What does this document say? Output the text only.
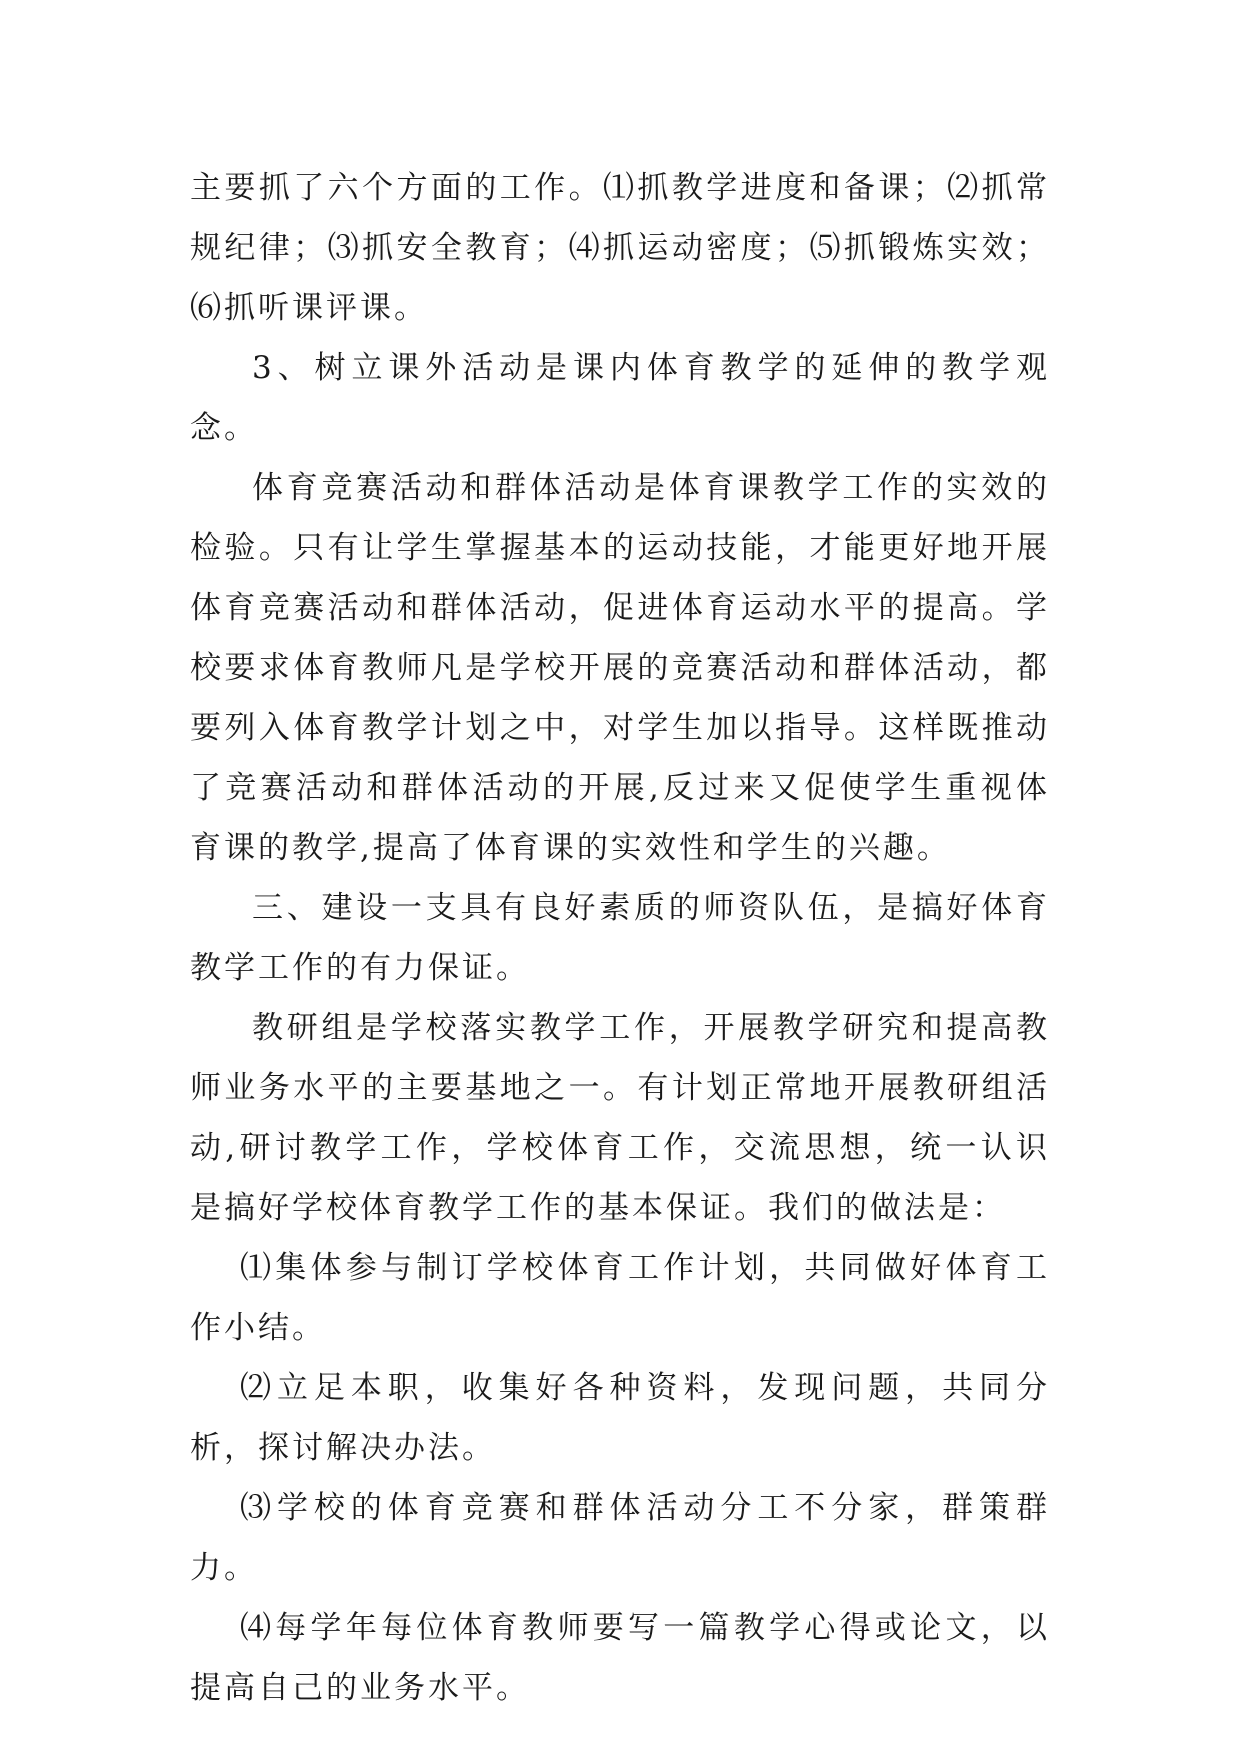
主要抓了六个方面的工作。⑴抓教学进度和备课；⑵抓常规纪律；⑶抓安全教育；⑷抓运动密度；⑸抓锻炼实效；⑹抓听课评课。

3、树立课外活动是课内体育教学的延伸的教学观念。

体育竞赛活动和群体活动是体育课教学工作的实效的检验。只有让学生掌握基本的运动技能，才能更好地开展体育竞赛活动和群体活动，促进体育运动水平的提高。学校要求体育教师凡是学校开展的竞赛活动和群体活动，都要列入体育教学计划之中，对学生加以指导。这样既推动了竞赛活动和群体活动的开展,反过来又促使学生重视体育课的教学,提高了体育课的实效性和学生的兴趣。

三、建设一支具有良好素质的师资队伍，是搞好体育教学工作的有力保证。

教研组是学校落实教学工作，开展教学研究和提高教师业务水平的主要基地之一。有计划正常地开展教研组活动,研讨教学工作，学校体育工作，交流思想，统一认识是搞好学校体育教学工作的基本保证。我们的做法是：

⑴集体参与制订学校体育工作计划，共同做好体育工作小结。

⑵立足本职，收集好各种资料，发现问题，共同分析，探讨解决办法。

⑶学校的体育竞赛和群体活动分工不分家，群策群力。

⑷每学年每位体育教师要写一篇教学心得或论文，以提高自己的业务水平。
